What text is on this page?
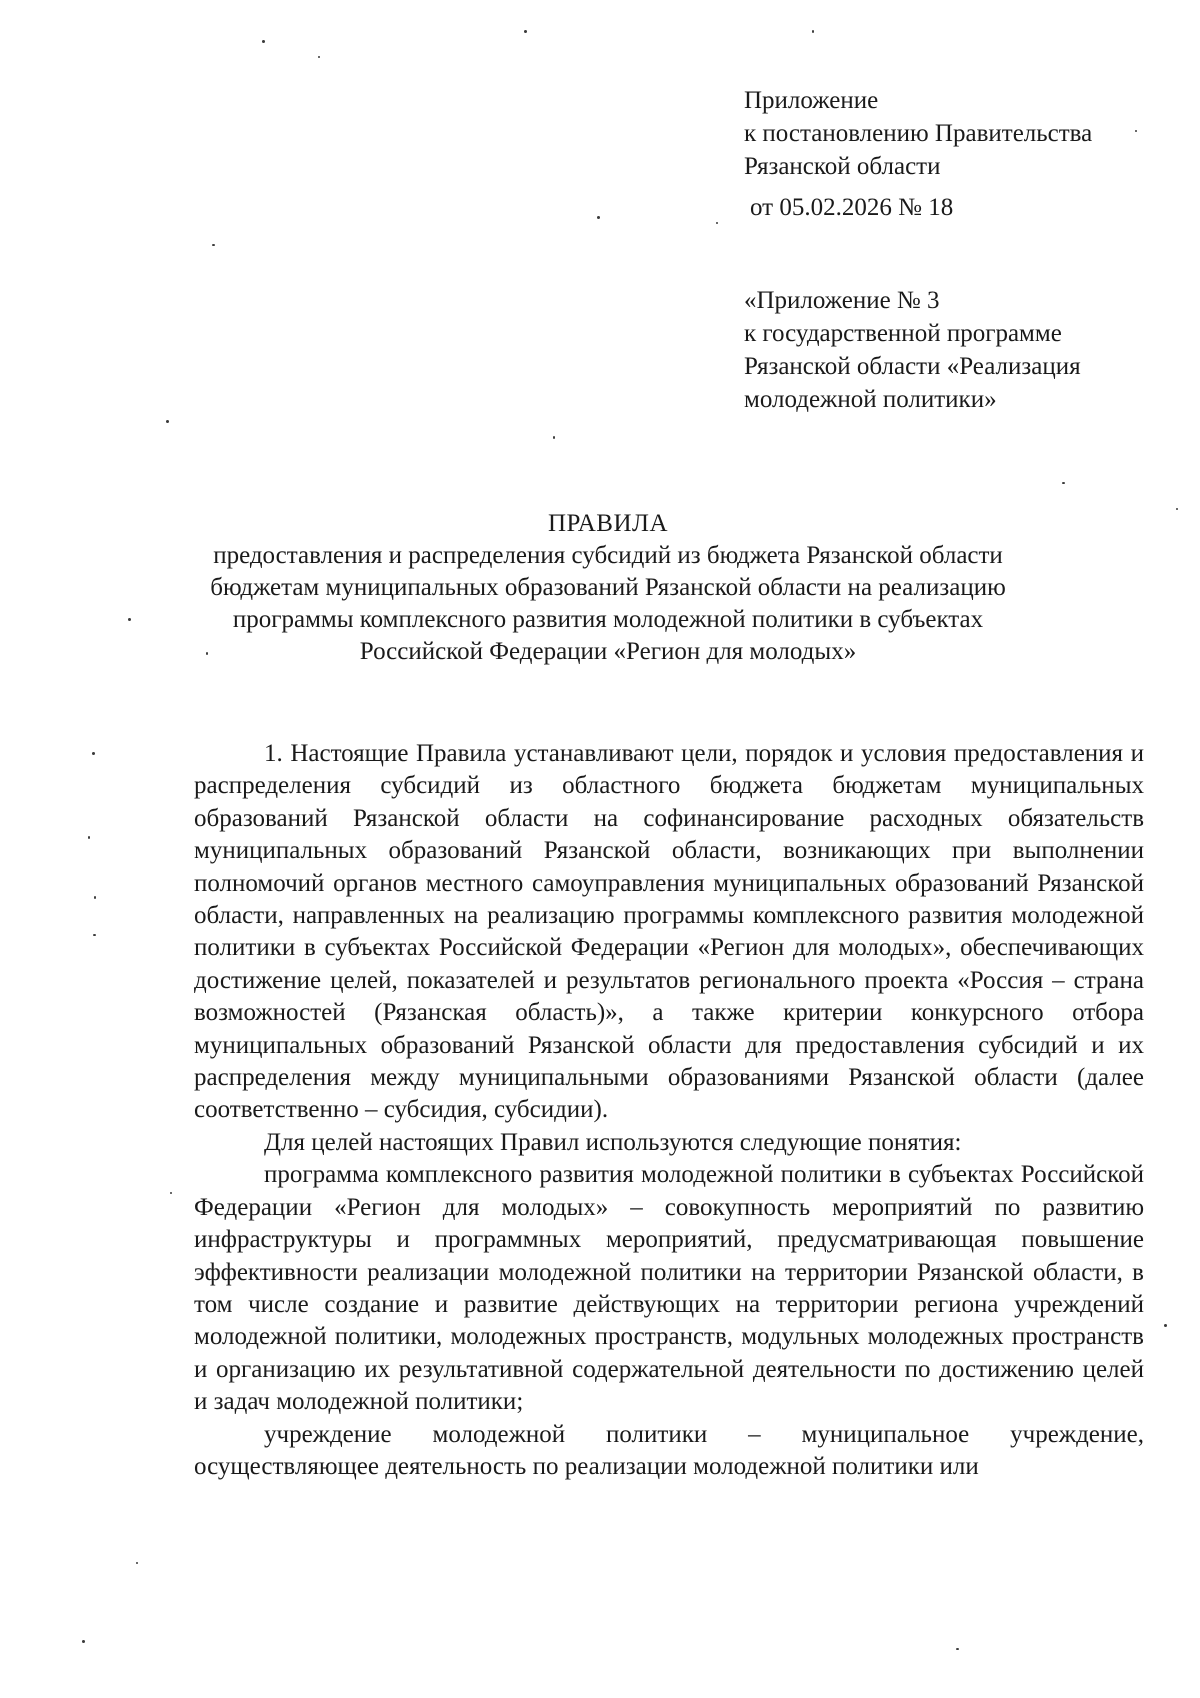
Приложение
к постановлению Правительства
Рязанской области
от 05.02.2026 № 18
«Приложение № 3
к государственной программе
Рязанской области «Реализация
молодежной политики»
ПРАВИЛА
предоставления и распределения субсидий из бюджета Рязанской области бюджетам муниципальных образований Рязанской области на реализацию программы комплексного развития молодежной политики в субъектах Российской Федерации «Регион для молодых»

1. Настоящие Правила устанавливают цели, порядок и условия предоставления и распределения субсидий из областного бюджета бюджетам муниципальных образований Рязанской области на софинансирование расходных обязательств муниципальных образований Рязанской области, возникающих при выполнении полномочий органов местного самоуправления муниципальных образований Рязанской области, направленных на реализацию программы комплексного развития молодежной политики в субъектах Российской Федерации «Регион для молодых», обеспечивающих достижение целей, показателей и результатов регионального проекта «Россия – страна возможностей (Рязанская область)», а также критерии конкурсного отбора муниципальных образований Рязанской области для предоставления субсидий и их распределения между муниципальными образованиями Рязанской области (далее соответственно – субсидия, субсидии).

Для целей настоящих Правил используются следующие понятия:

программа комплексного развития молодежной политики в субъектах Российской Федерации «Регион для молодых» – совокупность мероприятий по развитию инфраструктуры и программных мероприятий, предусматривающая повышение эффективности реализации молодежной политики на территории Рязанской области, в том числе создание и развитие действующих на территории региона учреждений молодежной политики, молодежных пространств, модульных молодежных пространств и организацию их результативной содержательной деятельности по достижению целей и задач молодежной политики;

учреждение молодежной политики – муниципальное учреждение, осуществляющее деятельность по реализации молодежной политики или
